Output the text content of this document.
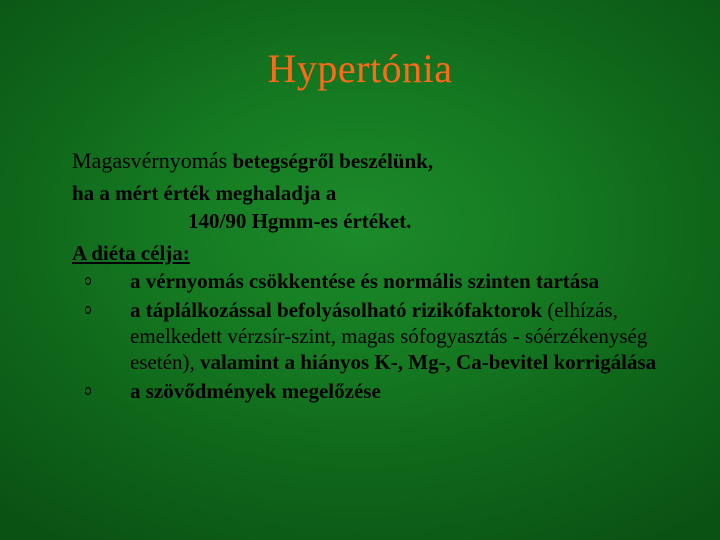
Hypertónia

Magasvérnyomás betegségről beszélünk,

ha a mért érték meghaladja a

140/90 Hgmm-es értéket.

A diéta célja:

a vérnyomás csökkentése és normális szinten tartása
a táplálkozással befolyásolható rizikófaktorok (elhízás, emelkedett vérzsír-szint, magas sófogyasztás - sóérzékenység esetén), valamint a hiányos K-, Mg-, Ca-bevitel korrigálása
a szövődmények megelőzése
